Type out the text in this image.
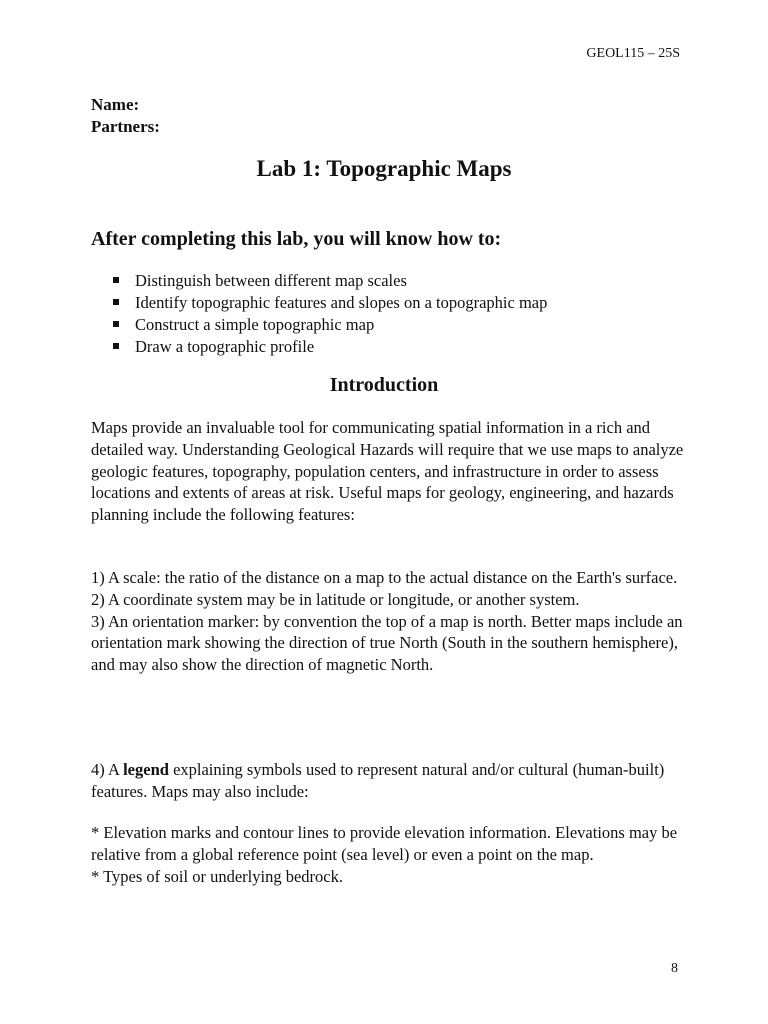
GEOL115 – 25S
Name:
Partners:
Lab 1: Topographic Maps
After completing this lab, you will know how to:
Distinguish between different map scales
Identify topographic features and slopes on a topographic map
Construct a simple topographic map
Draw a topographic profile
Introduction

Maps provide an invaluable tool for communicating spatial information in a rich and detailed way. Understanding Geological Hazards will require that we use maps to analyze geologic features, topography, population centers, and infrastructure in order to assess locations and extents of areas at risk. Useful maps for geology, engineering, and hazards planning include the following features:

1) A scale: the ratio of the distance on a map to the actual distance on the Earth's surface.
2) A coordinate system may be in latitude or longitude, or another system.
3) An orientation marker: by convention the top of a map is north. Better maps include an orientation mark showing the direction of true North (South in the southern hemisphere), and may also show the direction of magnetic North.

4) A legend explaining symbols used to represent natural and/or cultural (human-built) features. Maps may also include:

* Elevation marks and contour lines to provide elevation information. Elevations may be relative from a global reference point (sea level) or even a point on the map.
* Types of soil or underlying bedrock.
8
